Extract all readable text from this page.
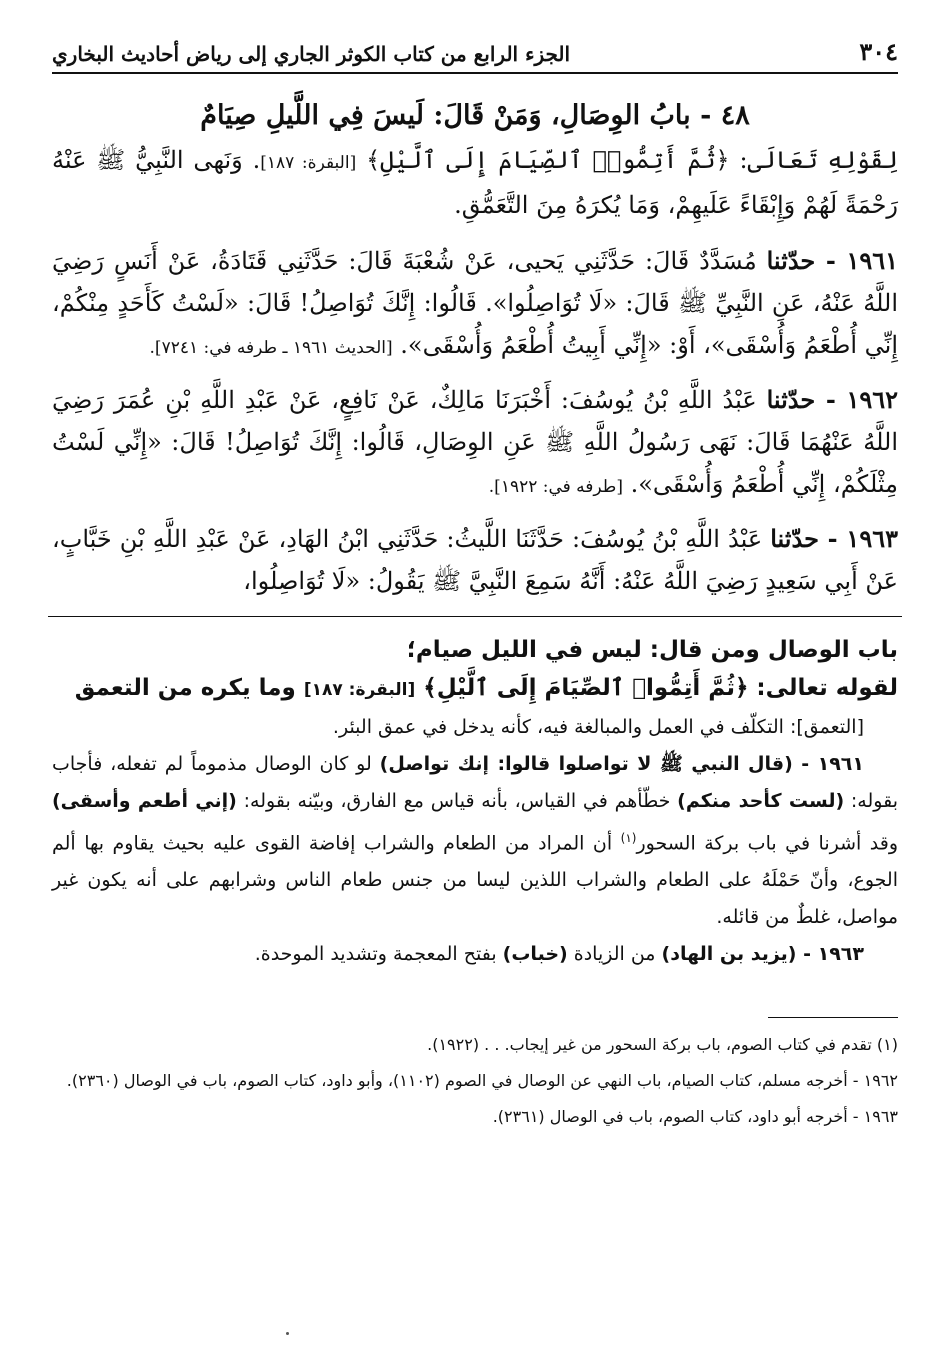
٣٠٤
الجزء الرابع من كتاب الكوثر الجاري إلى رياض أحاديث البخاري
٤٨ - بابُ الوِصَالِ، وَمَنْ قَالَ: لَيسَ فِي اللَّيلِ صِيَامٌ

لِقَوْلِهِ تَعَالَى: ﴿ثُمَّ أَتِمُّوا۟ ٱلصِّيَامَ إِلَى ٱلَّيْلِ﴾ [البقرة: ١٨٧]. وَنَهى النَّبِيُّ ﷺ عَنْهُ رَحْمَةً لَهُمْ وَإِبْقَاءً عَلَيهِمْ، وَمَا يُكرَهُ مِنَ التَّعَمُّقِ.

١٩٦١ - حدّثنا مُسَدَّدٌ قَالَ: حَدَّثَنِي يَحيى، عَنْ شُعْبَةَ قَالَ: حَدَّثَنِي قَتَادَةُ، عَنْ أَنَسٍ رَضِيَ اللَّهُ عَنْهُ، عَنِ النَّبِيِّ ﷺ قَالَ: «لَا تُوَاصِلُوا». قَالُوا: إِنَّكَ تُوَاصِلُ! قَالَ: «لَسْتُ كَأَحَدٍ مِنْكُمْ، إِنِّي أُطْعَمُ وَأُسْقَى»، أَوْ: «إِنِّي أَبِيتُ أُطْعَمُ وَأُسْقَى». [الحديث ١٩٦١ ـ طرفه في: ٧٢٤١].

١٩٦٢ - حدّثنا عَبْدُ اللَّهِ بْنُ يُوسُفَ: أَخْبَرَنَا مَالِكٌ، عَنْ نَافِعٍ، عَنْ عَبْدِ اللَّهِ بْنِ عُمَرَ رَضِيَ اللَّهُ عَنْهُمَا قَالَ: نَهَى رَسُولُ اللَّهِ ﷺ عَنِ الوِصَالِ، قَالُوا: إِنَّكَ تُوَاصِلُ! قَالَ: «إِنِّي لَسْتُ مِثْلَكُمْ، إِنِّي أُطْعَمُ وَأُسْقَى». [طرفه في: ١٩٢٢].

١٩٦٣ - حدّثنا عَبْدُ اللَّهِ بْنُ يُوسُفَ: حَدَّثَنَا اللَّيثُ: حَدَّثَنِي ابْنُ الهَادِ، عَنْ عَبْدِ اللَّهِ بْنِ خَبَّابٍ، عَنْ أَبِي سَعِيدٍ رَضِيَ اللَّهُ عَنْهُ: أَنَّهُ سَمِعَ النَّبِيَّ ﷺ يَقُولُ: «لَا تُوَاصِلُوا،

باب الوصال ومن قال: ليس في الليل صيام؛

لقوله تعالى: ﴿ثُمَّ أَتِمُّوا۟ ٱلصِّيَامَ إِلَى ٱلَّيْلِ﴾ [البقرة: ١٨٧] وما يكره من التعمق

[التعمق]: التكلّف في العمل والمبالغة فيه، كأنه يدخل في عمق البئر.

١٩٦١ - (قال النبي ﷺ لا تواصلوا قالوا: إنك تواصل) لو كان الوصال مذموماً لم تفعله، فأجاب بقوله: (لست كأحد منكم) خطّأهم في القياس، بأنه قياس مع الفارق، وبيّنه بقوله: (إني أطعم وأسقى) وقد أشرنا في باب بركة السحور$^{(١)}$ أن المراد من الطعام والشراب إفاضة القوى عليه بحيث يقاوم بها ألم الجوع، وأنّ حَمْلَهُ على الطعام والشراب اللذين ليسا من جنس طعام الناس وشرابهم على أنه يكون غير مواصل، غلطٌ من قائله.

١٩٦٣ - (يزيد بن الهاد) من الزيادة (خباب) بفتح المعجمة وتشديد الموحدة.

(١) تقدم في كتاب الصوم، باب بركة السحور من غير إيجاب. . . (١٩٢٢).

١٩٦٢ - أخرجه مسلم، كتاب الصيام، باب النهي عن الوصال في الصوم (١١٠٢)، وأبو داود، كتاب الصوم، باب في الوصال (٢٣٦٠).

١٩٦٣ - أخرجه أبو داود، كتاب الصوم، باب في الوصال (٢٣٦١).
